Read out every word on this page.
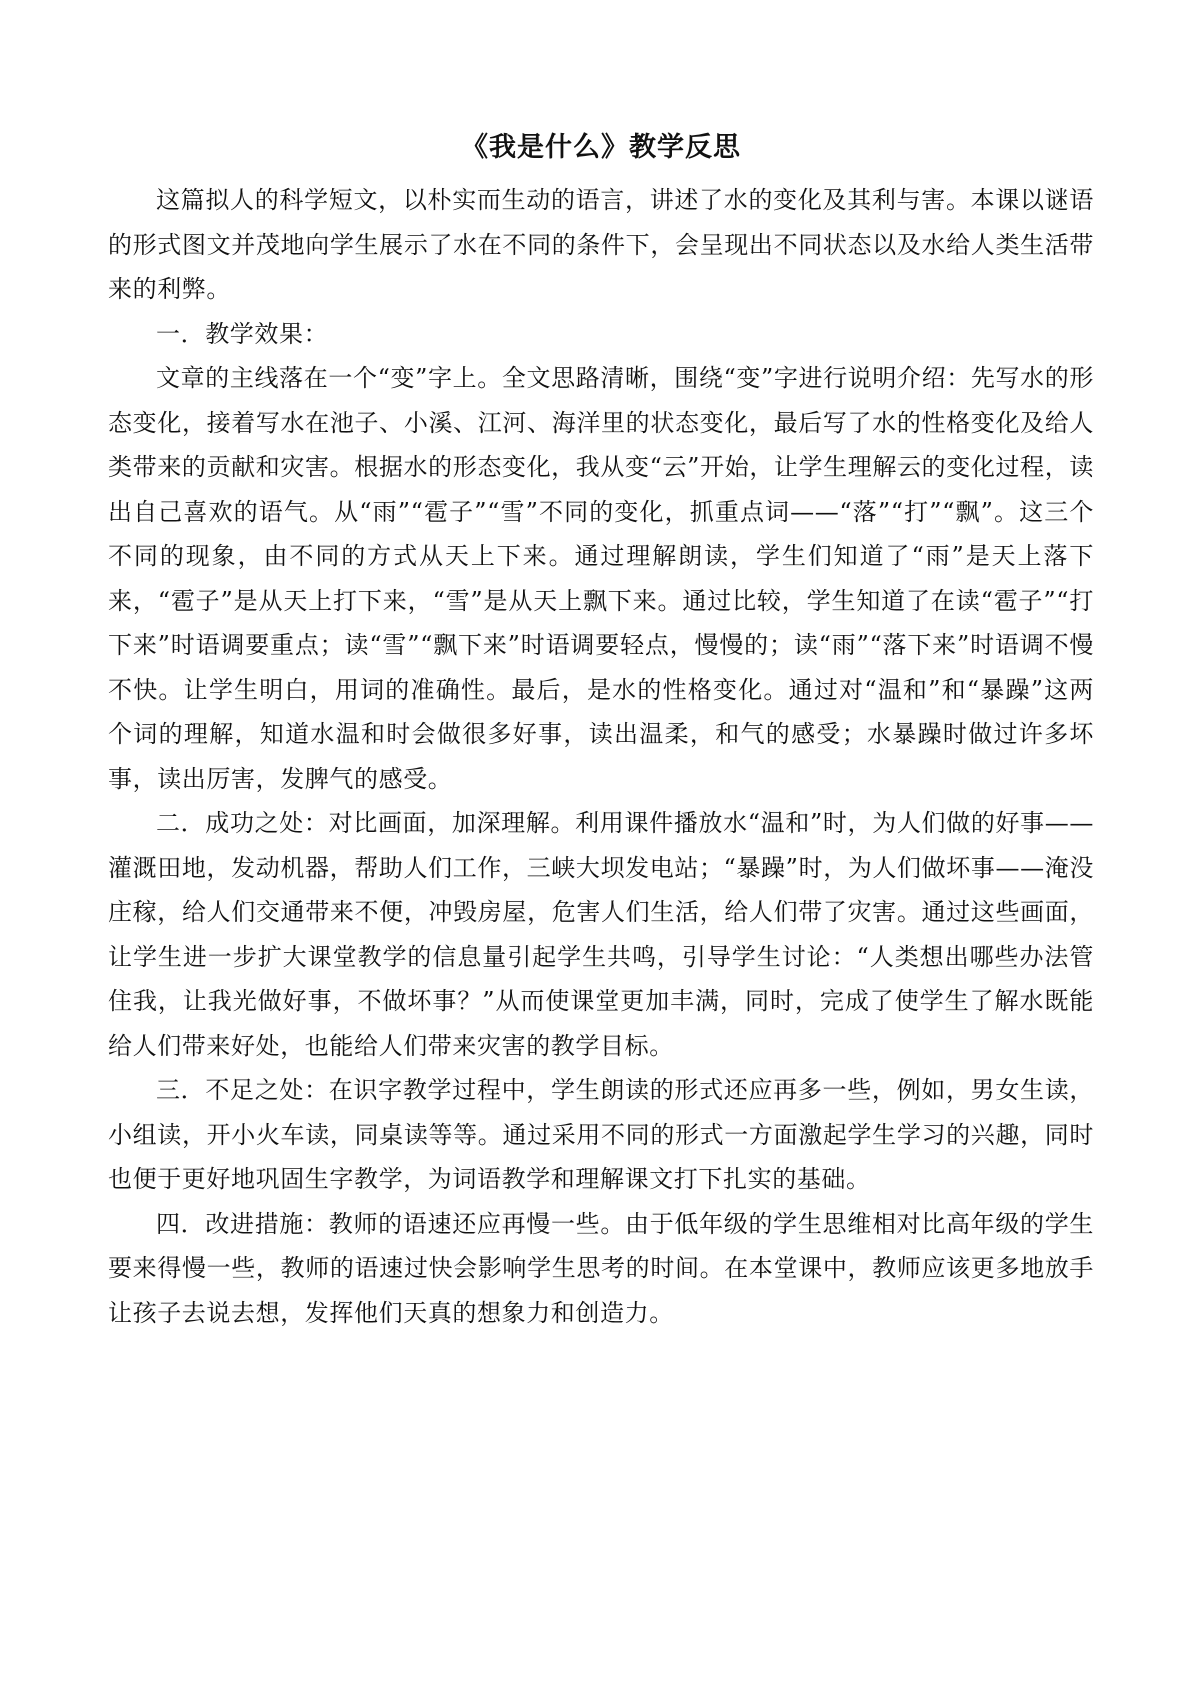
《我是什么》教学反思

这篇拟人的科学短文，以朴实而生动的语言，讲述了水的变化及其利与害。本课以谜语的形式图文并茂地向学生展示了水在不同的条件下，会呈现出不同状态以及水给人类生活带来的利弊。

一．教学效果：

文章的主线落在一个“变”字上。全文思路清晰，围绕“变”字进行说明介绍：先写水的形态变化，接着写水在池子、小溪、江河、海洋里的状态变化，最后写了水的性格变化及给人类带来的贡献和灾害。根据水的形态变化，我从变“云”开始，让学生理解云的变化过程，读出自己喜欢的语气。从“雨”“雹子”“雪”不同的变化，抓重点词——“落”“打”“飘”。这三个不同的现象，由不同的方式从天上下来。通过理解朗读，学生们知道了“雨”是天上落下来，“雹子”是从天上打下来，“雪”是从天上飘下来。通过比较，学生知道了在读“雹子”“打下来”时语调要重点；读“雪”“飘下来”时语调要轻点，慢慢的；读“雨”“落下来”时语调不慢不快。让学生明白，用词的准确性。最后，是水的性格变化。通过对“温和”和“暴躁”这两个词的理解，知道水温和时会做很多好事，读出温柔，和气的感受；水暴躁时做过许多坏事，读出厉害，发脾气的感受。

二．成功之处：对比画面，加深理解。利用课件播放水“温和”时，为人们做的好事——灌溉田地，发动机器，帮助人们工作，三峡大坝发电站；“暴躁”时，为人们做坏事——淹没庄稼，给人们交通带来不便，冲毁房屋，危害人们生活，给人们带了灾害。通过这些画面，让学生进一步扩大课堂教学的信息量引起学生共鸣，引导学生讨论：“人类想出哪些办法管住我，让我光做好事，不做坏事？”从而使课堂更加丰满，同时，完成了使学生了解水既能给人们带来好处，也能给人们带来灾害的教学目标。

三．不足之处：在识字教学过程中，学生朗读的形式还应再多一些，例如，男女生读，小组读，开小火车读，同桌读等等。通过采用不同的形式一方面激起学生学习的兴趣，同时也便于更好地巩固生字教学，为词语教学和理解课文打下扎实的基础。

四．改进措施：教师的语速还应再慢一些。由于低年级的学生思维相对比高年级的学生要来得慢一些，教师的语速过快会影响学生思考的时间。在本堂课中，教师应该更多地放手让孩子去说去想，发挥他们天真的想象力和创造力。
